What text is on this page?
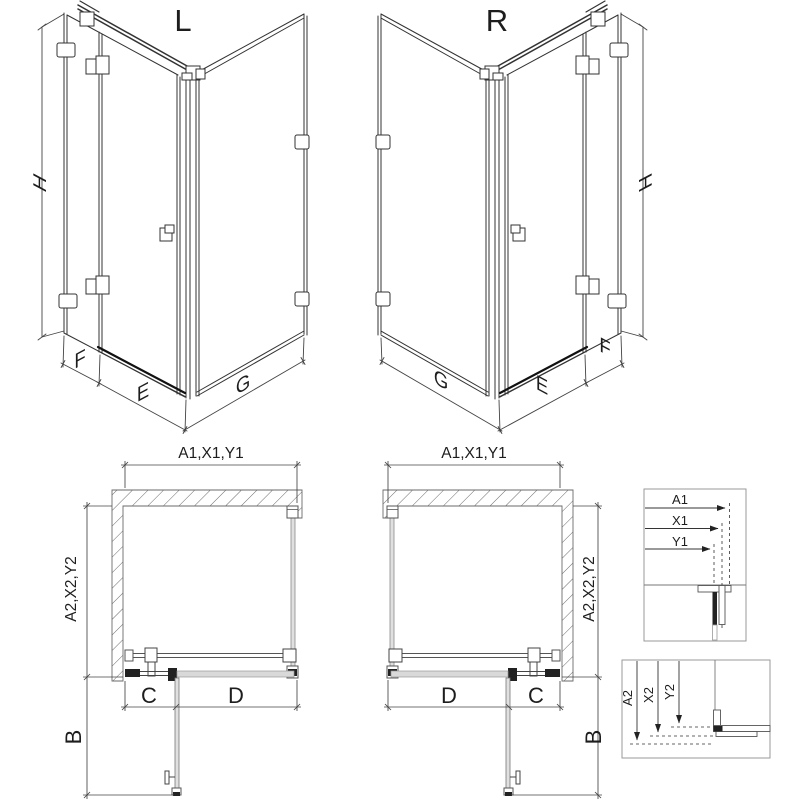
L	R
H	H
F
E	G
F
E
G
A1,X1,Y1	A1,X1,Y1
A2,X2,Y2	A2,X2,Y2
C	D	D	C
B	B
A1
X1
Y1
A2 X2 Y2
